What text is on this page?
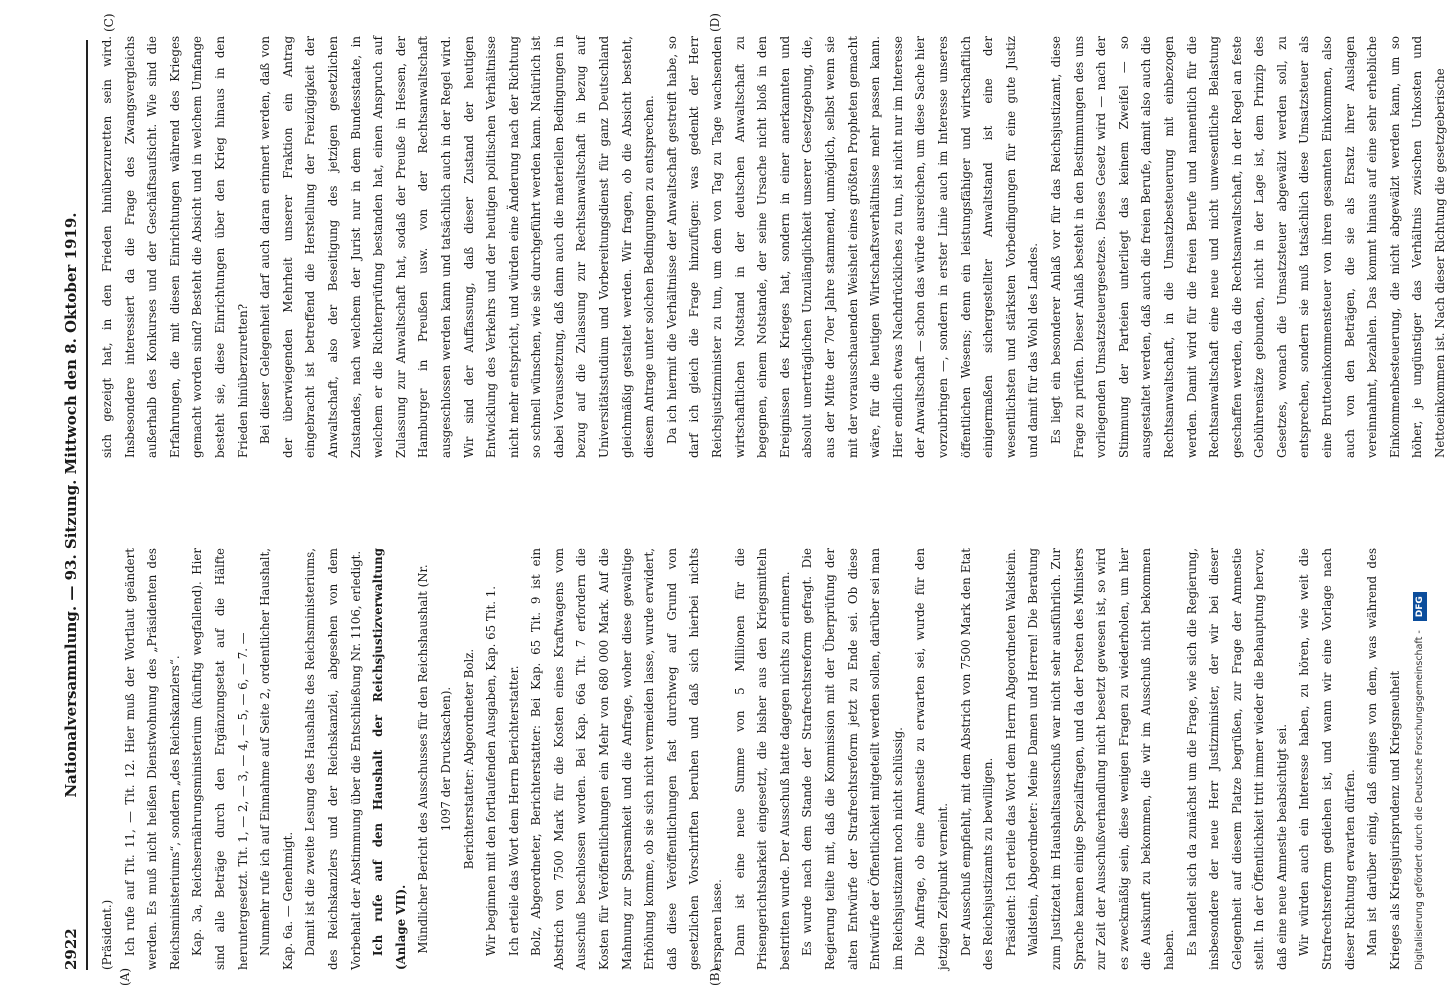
2922
Nationalversammlung. — 93. Sitzung. Mittwoch den 8. Oktober 1919.
(A)	(B)
(C)	(D)

(Präsident.) Ich rufe auf Tit. 11, — Tit. 12. Hier muß der Wortlaut geändert werden. Es muß nicht heißen Dienstwohnung des „Präsidenten des Reichsministeriums“, sondern „des Reichskanzlers“. Kap. 3a, Reichsernährungsministerium (künftig wegfallend). Hier sind alle Beträge durch den Ergänzungsetat auf die Hälfte heruntergesetzt. Tit. 1, — 2, — 3, — 4, — 5, — 6, — 7. — Nunmehr rufe ich auf Einnahme auf Seite 2, ordentlicher Haushalt, Kap. 6a. — Genehmigt. Damit ist die zweite Lesung des Haushalts des Reichsministeriums, des Reichskanzlers und der Reichskanzlei, abgesehen von dem Vorbehalt der Abstimmung über die Entschließung Nr. 1106, erledigt. Ich rufe auf den Haushalt der Reichsjustizverwaltung (Anlage VII). Mündlicher Bericht des Ausschusses für den Reichshaushalt (Nr. 1097 der Drucksachen). Berichterstatter: Abgeordneter Bolz. Wir beginnen mit den fortlaufenden Ausgaben, Kap. 65 Tit. 1. Ich erteile das Wort dem Herrn Berichterstatter. Bolz, Abgeordneter, Berichterstatter: Bei Kap. 65 Tit. 9 ist ein Abstrich von 7500 Mark für die Kosten eines Kraftwagens vom Ausschuß beschlossen worden. Bei Kap. 66a Tit. 7 erfordern die Kosten für Veröffentlichungen ein Mehr von 680 000 Mark. Auf die Mahnung zur Sparsamkeit und die Anfrage, woher diese gewaltige Erhöhung komme, ob sie sich nicht vermeiden lasse, wurde erwidert, daß diese Veröffentlichungen fast durchweg auf Grund von gesetzlichen Vorschriften beruhen und daß sich hierbei nichts ersparen lasse. Dann ist eine neue Summe von 5 Millionen für die Prisengerichtsbarkeit eingesetzt, die bisher aus den Kriegsmitteln bestritten wurde. Der Ausschuß hatte dagegen nichts zu erinnern. Es wurde nach dem Stande der Strafrechtsreform gefragt. Die Regierung teilte mit, daß die Kommission mit der Überprüfung der alten Entwürfe der Strafrechtsreform jetzt zu Ende sei. Ob diese Entwürfe der Öffentlichkeit mitgeteilt werden sollen, darüber sei man im Reichsjustizamt noch nicht schlüssig. Die Anfrage, ob eine Amnestie zu erwarten sei, wurde für den jetzigen Zeitpunkt verneint. Der Ausschuß empfiehlt, mit dem Abstrich von 7500 Mark den Etat des Reichsjustizamts zu bewilligen. Präsident: Ich erteile das Wort dem Herrn Abgeordneten Waldstein. Waldstein, Abgeordneter: Meine Damen und Herren! Die Beratung zum Justizetat im Haushaltsausschuß war nicht sehr ausführlich. Zur Sprache kamen einige Spezialfragen, und da der Posten des Ministers zur Zeit der Ausschußverhandlung nicht besetzt gewesen ist, so wird es zweckmäßig sein, diese wenigen Fragen zu wiederholen, um hier die Auskunft zu bekommen, die wir im Ausschuß nicht bekommen haben. Es handelt sich da zunächst um die Frage, wie sich die Regierung, insbesondere der neue Herr Justizminister, der wir bei dieser Gelegenheit auf diesem Platze begrüßen, zur Frage der Amnestie stellt. In der Öffentlichkeit tritt immer wieder die Behauptung hervor, daß eine neue Amnestie beabsichtigt sei. Wir würden auch ein Interesse haben, zu hören, wie weit die Strafrechtsreform gediehen ist, und wann wir eine Vorlage nach dieser Richtung erwarten dürfen. Man ist darüber einig, daß einiges von dem, was während des Krieges als Kriegsjurisprudenz und Kriegsneuheit

sich gezeigt hat, in den Frieden hinüberzuretten sein wird. Insbesondere interessiert da die Frage des Zwangsvergleichs außerhalb des Konkurses und der Geschäftsaufsicht. Wie sind die Erfahrungen, die mit diesen Einrichtungen während des Krieges gemacht worden sind? Besteht die Absicht und in welchem Umfange besteht sie, diese Einrichtungen über den Krieg hinaus in den Frieden hinüberzuretten? Bei dieser Gelegenheit darf auch daran erinnert werden, daß von der überwiegenden Mehrheit unserer Fraktion ein Antrag eingebracht ist betreffend die Herstellung der Freizügigkeit der Anwaltschaft, also der Beseitigung des jetzigen gesetzlichen Zustandes, nach welchem der Jurist nur in dem Bundesstaate, in welchem er die Richterprüfung bestanden hat, einen Anspruch auf Zulassung zur Anwaltschaft hat, sodaß der Preuße in Hessen, der Hamburger in Preußen usw. von der Rechtsanwaltschaft ausgeschlossen werden kann und tatsächlich auch in der Regel wird. Wir sind der Auffassung, daß dieser Zustand der heutigen Entwicklung des Verkehrs und der heutigen politischen Verhältnisse nicht mehr entspricht, und würden eine Änderung nach der Richtung so schnell wünschen, wie sie durchgeführt werden kann. Natürlich ist dabei Voraussetzung, daß dann auch die materiellen Bedingungen in bezug auf die Zulassung zur Rechtsanwaltschaft in bezug auf Universitätsstudium und Vorbereitungsdienst für ganz Deutschland gleichmäßig gestaltet werden. Wir fragen, ob die Absicht besteht, diesem Antrage unter solchen Bedingungen zu entsprechen. Da ich hiermit die Verhältnisse der Anwaltschaft gestreift habe, so darf ich gleich die Frage hinzufügen: was gedenkt der Herr Reichsjustizminister zu tun, um dem von Tag zu Tage wachsenden wirtschaftlichen Notstand in der deutschen Anwaltschaft zu begegnen, einem Notstande, der seine Ursache nicht bloß in den Ereignissen des Krieges hat, sondern in einer anerkannten und absolut unerträglichen Unzulänglichkeit unserer Gesetzgebung, die, aus der Mitte der 70er Jahre stammend, unmöglich, selbst wenn sie mit der vorausschauenden Weisheit eines größten Propheten gemacht wäre, für die heutigen Wirtschaftsverhältnisse mehr passen kann. Hier endlich etwas Nachdrückliches zu tun, ist nicht nur im Interesse der Anwaltschaft — schon das würde ausreichen, um diese Sache hier vorzubringen —, sondern in erster Linie auch im Interesse unseres öffentlichen Wesens; denn ein leistungsfähiger und wirtschaftlich einigermaßen sichergestellter Anwaltstand ist eine der wesentlichsten und stärksten Vorbedingungen für eine gute Justiz und damit für das Wohl des Landes. Es liegt ein besonderer Anlaß vor für das Reichsjustizamt, diese Frage zu prüfen. Dieser Anlaß besteht in den Bestimmungen des uns vorliegenden Umsatzsteuergesetzes. Dieses Gesetz wird — nach der Stimmung der Parteien unterliegt das keinem Zweifel — so ausgestaltet werden, daß auch die freien Berufe, damit also auch die Rechtsanwaltschaft, in die Umsatzbesteuerung mit einbezogen werden. Damit wird für die freien Berufe und namentlich für die Rechtsanwaltschaft eine neue und nicht unwesentliche Belastung geschaffen werden, da die Rechtsanwaltschaft, in der Regel an feste Gebührensätze gebunden, nicht in der Lage ist, dem Prinzip des Gesetzes, wonach die Umsatzsteuer abgewälzt werden soll, zu entsprechen, sondern sie muß tatsächlich diese Umsatzsteuer als eine Bruttoeinkommensteuer von ihren gesamten Einkommen, also auch von den Beträgen, die sie als Ersatz ihrer Auslagen vereinnahmt, bezahlen. Das kommt hinaus auf eine sehr erhebliche Einkommenbesteuerung, die nicht abgewälzt werden kann, um so höher, je ungünstiger das Verhältnis zwischen Unkosten und Nettoeinkommen ist. Nach dieser Richtung die gesetzgeberische

Digitalisierung gefördert durch die Deutsche Forschungsgemeinschaft - DFG
